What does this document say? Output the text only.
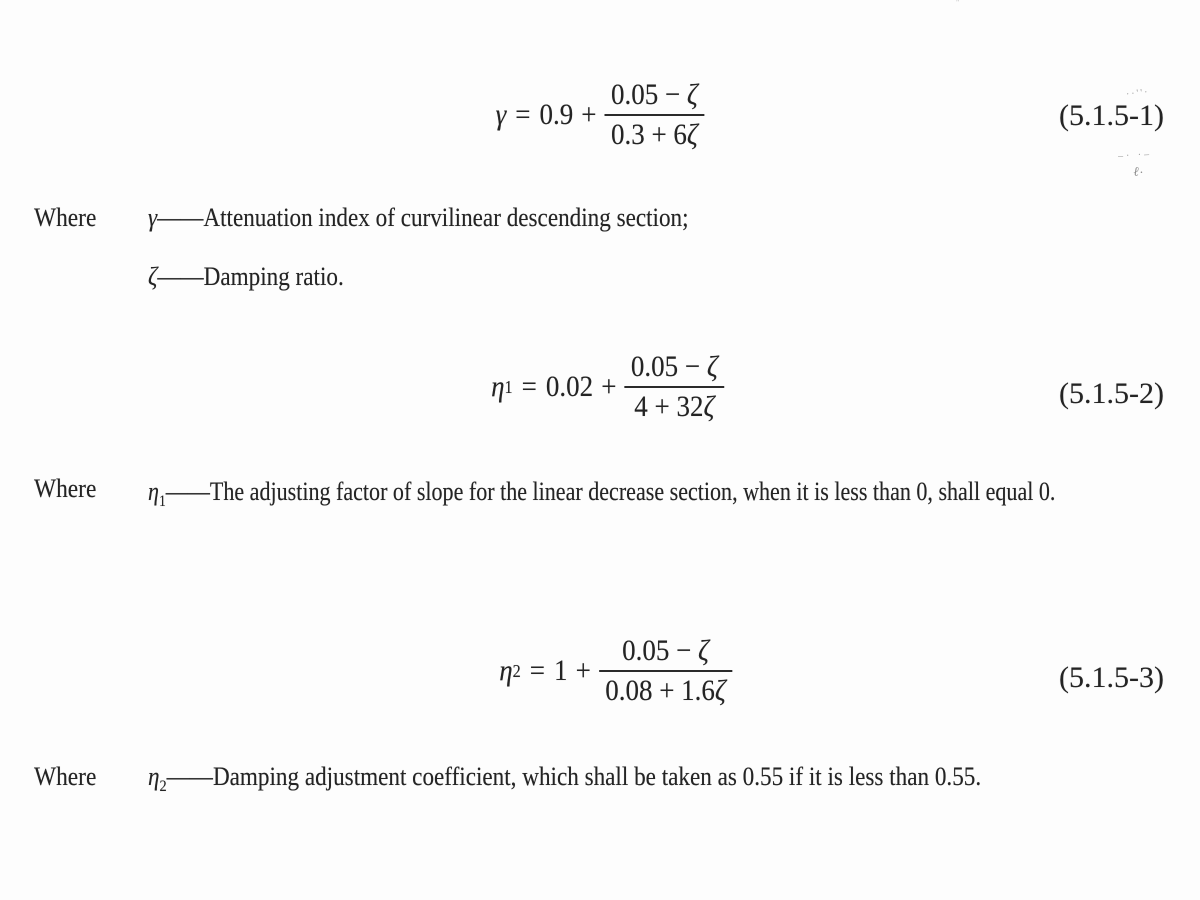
$\gamma = 0.9 + \frac{0.05 - \zeta}{0.3 + 6\zeta}$	(5.1.5-1)
Where γ——Attenuation index of curvilinear descending section;
ζ——Damping ratio.
η $1 = 0.02 + \frac{0.05 - \zeta}{4 + 32\zeta}$	(5.1.5-2)
Where $\eta_1——The$ adjusting factor of slope for the linear decrease section, when it is less than 0, shall equal 0.
η $2 = 1 + \frac{0.05 - \zeta}{0.08 + 1.6\zeta}$	(5.1.5-3)
Where $\eta_2——Damping$ adjustment coefficient, which shall be taken as 0.55 if it is less than 0.55.
··''·
–· ·–
ℓ·
''
